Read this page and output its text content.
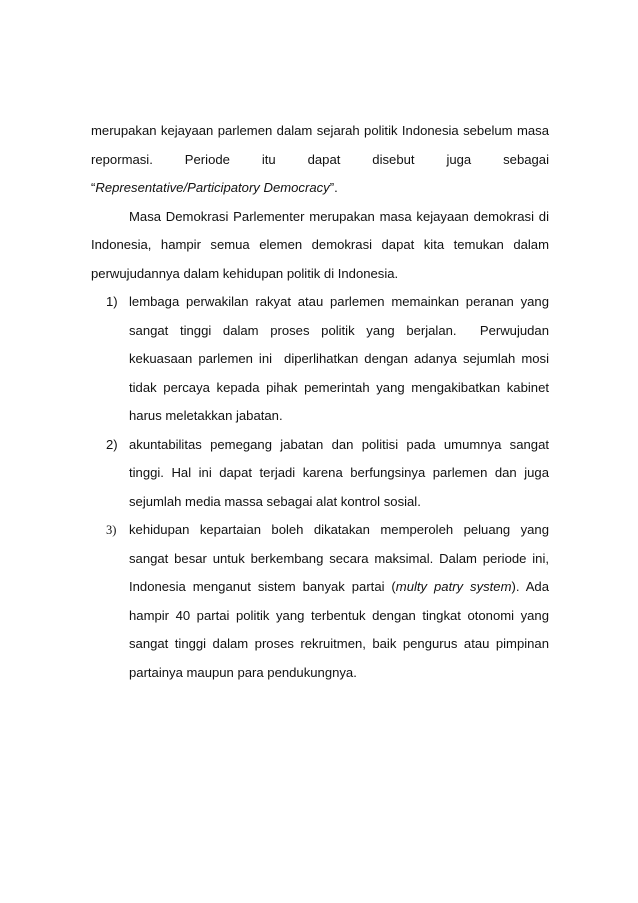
merupakan kejayaan parlemen dalam sejarah politik Indonesia sebelum masa reporm​asi. Periode itu dapat disebut juga sebagai “Representative/Participatory Democracy”.

Masa Demokrasi Parlementer merupakan masa kejayaan demokrasi di Indonesia, hampir semua elemen demokrasi dapat kita temukan dalam perwujudannya dalam kehidupan politik di Indonesia.

1) lembaga perwakilan rakyat atau parlemen memainkan peranan yang sangat tinggi dalam proses politik yang berjalan.  Perwujudan kekuasaan parlemen ini  diperlihatkan dengan adanya sejumlah mosi tidak percaya kepada pihak pemerintah yang mengakibatkan kabinet harus meletakkan jabatan.
2) akuntabilitas pemegang jabatan dan politisi pada umumnya sangat tinggi. Hal ini dapat terjadi karena berfungsinya parlemen dan juga sejumlah media massa sebagai alat kontrol sosial.
3) kehidupan kepartaian boleh dikatakan memperoleh peluang yang sangat besar untuk berkembang secara maksimal. Dalam periode ini, Indonesia menganut sistem banyak partai (multy patry system). Ada hampir 40 partai politik yang terbentuk dengan tingkat otonomi yang sangat tinggi dalam proses rekruitmen, baik pengurus atau pimpinan partainya maupun para pendukungnya.
